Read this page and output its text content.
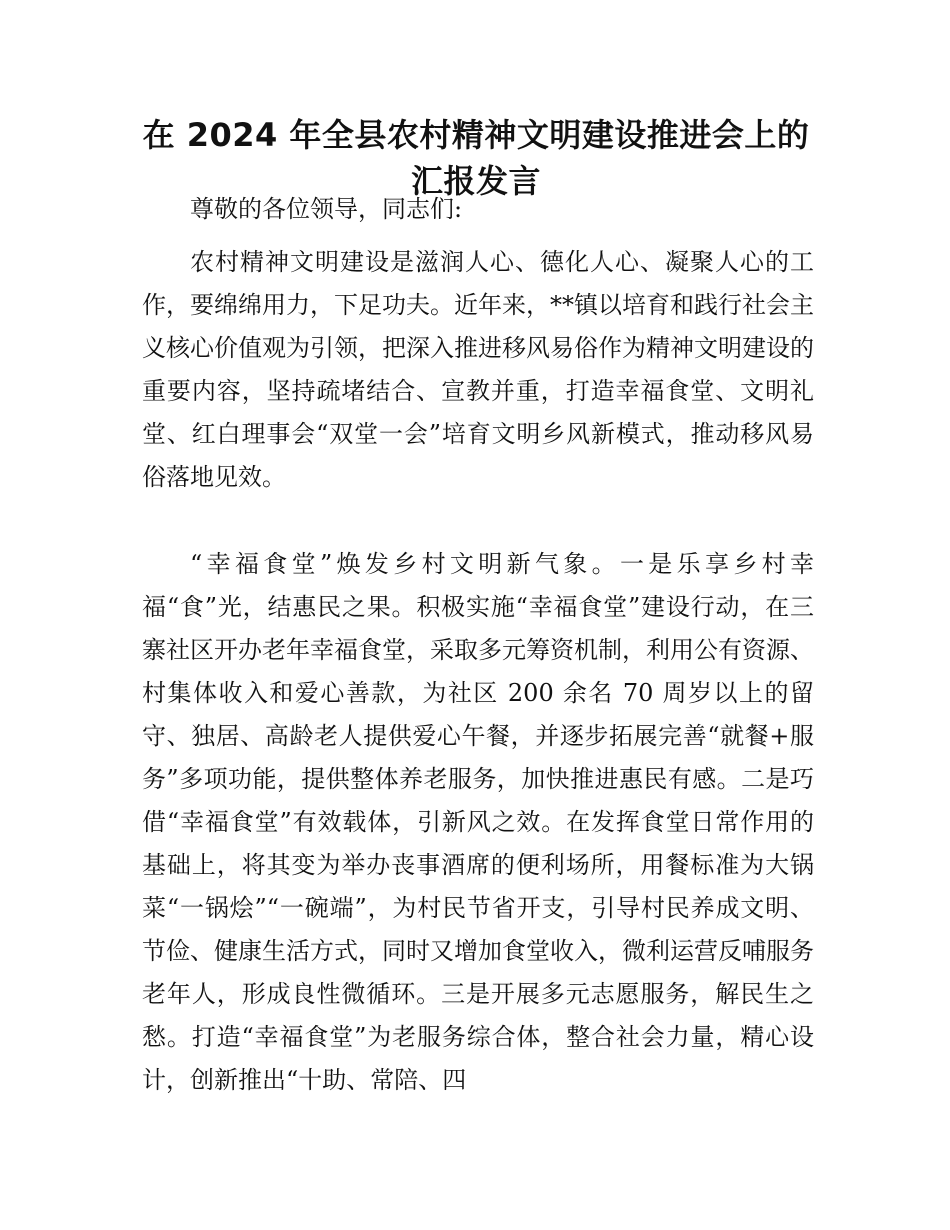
在 2024 年全县农村精神文明建设推进会上的汇报发言

尊敬的各位领导，同志们:

农村精神文明建设是滋润人心、德化人心、凝聚人心的工作，要绵绵用力，下足功夫。近年来，**镇以培育和践行社会主义核心价值观为引领，把深入推进移风易俗作为精神文明建设的重要内容，坚持疏堵结合、宣教并重，打造幸福食堂、文明礼堂、红白理事会“双堂一会”培育文明乡风新模式，推动移风易俗落地见效。

“幸福食堂”焕发乡村文明新气象。一是乐享乡村幸福“食”光，结惠民之果。积极实施“幸福食堂”建设行动，在三寨社区开办老年幸福食堂，采取多元筹资机制，利用公有资源、村集体收入和爱心善款，为社区 200 余名 70 周岁以上的留守、独居、高龄老人提供爱心午餐，并逐步拓展完善“就餐+服务”多项功能，提供整体养老服务，加快推进惠民有感。二是巧借“幸福食堂”有效载体，引新风之效。在发挥食堂日常作用的基础上，将其变为举办丧事酒席的便利场所，用餐标准为大锅菜“一锅烩”“一碗端”，为村民节省开支，引导村民养成文明、节俭、健康生活方式，同时又增加食堂收入，微利运营反哺服务老年人，形成良性微循环。三是开展多元志愿服务，解民生之愁。打造“幸福食堂”为老服务综合体，整合社会力量，精心设计，创新推出“十助、常陪、四
